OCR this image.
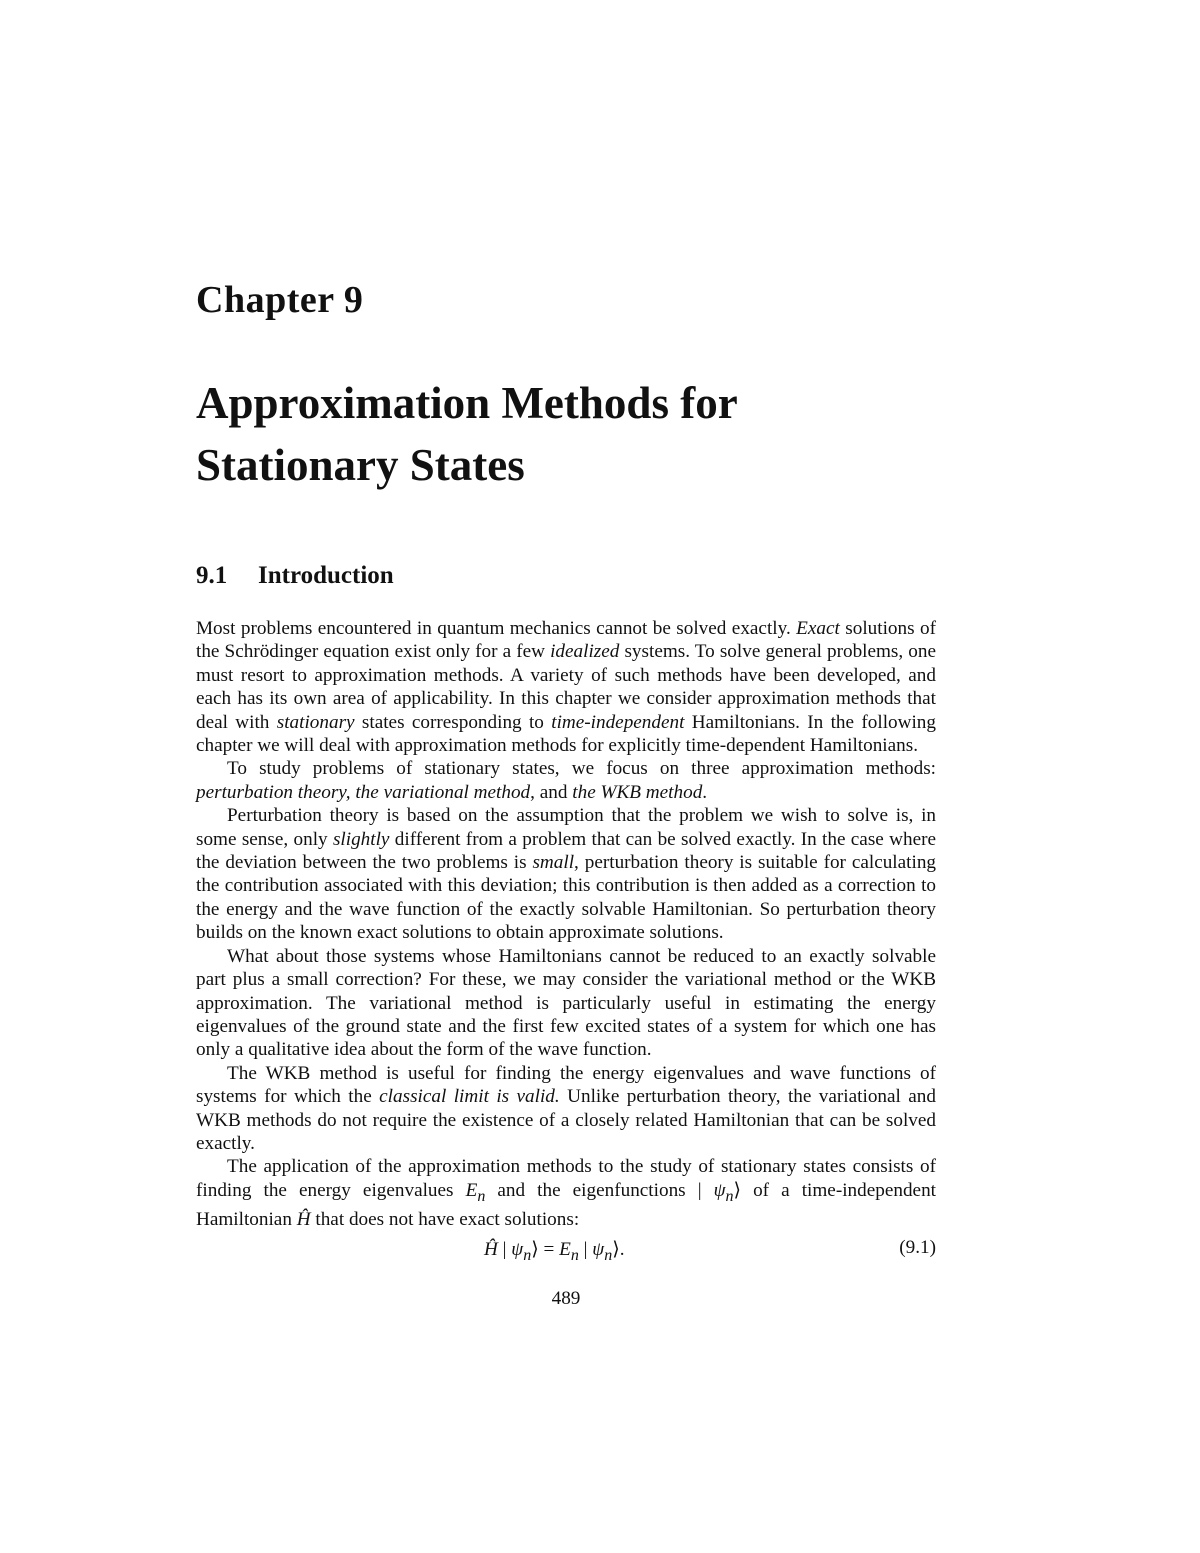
Chapter 9
Approximation Methods for
Stationary States
9.1 Introduction

Most problems encountered in quantum mechanics cannot be solved exactly. Exact solutions of the Schrödinger equation exist only for a few idealized systems. To solve general problems, one must resort to approximation methods. A variety of such methods have been developed, and each has its own area of applicability. In this chapter we consider approximation methods that deal with stationary states corresponding to time-independent Hamiltonians. In the following chapter we will deal with approximation methods for explicitly time-dependent Hamiltonians.

To study problems of stationary states, we focus on three approximation methods: perturbation theory, the variational method, and the WKB method.

Perturbation theory is based on the assumption that the problem we wish to solve is, in some sense, only slightly different from a problem that can be solved exactly. In the case where the deviation between the two problems is small, perturbation theory is suitable for calculating the contribution associated with this deviation; this contribution is then added as a correction to the energy and the wave function of the exactly solvable Hamiltonian. So perturbation theory builds on the known exact solutions to obtain approximate solutions.

What about those systems whose Hamiltonians cannot be reduced to an exactly solvable part plus a small correction? For these, we may consider the variational method or the WKB approximation. The variational method is particularly useful in estimating the energy eigenvalues of the ground state and the first few excited states of a system for which one has only a qualitative idea about the form of the wave function.

The WKB method is useful for finding the energy eigenvalues and wave functions of systems for which the classical limit is valid. Unlike perturbation theory, the variational and WKB methods do not require the existence of a closely related Hamiltonian that can be solved exactly.

The application of the approximation methods to the study of stationary states consists of finding the energy eigenvalues $E_n$ and the eigenfunctions | $\psi_n⟩$ of a time-independent Hamiltonian Ĥ that does not have exact solutions:

Ĥ | $\psi_n⟩ = E_n$ | $\psi_n⟩$.	(9.1)
489
